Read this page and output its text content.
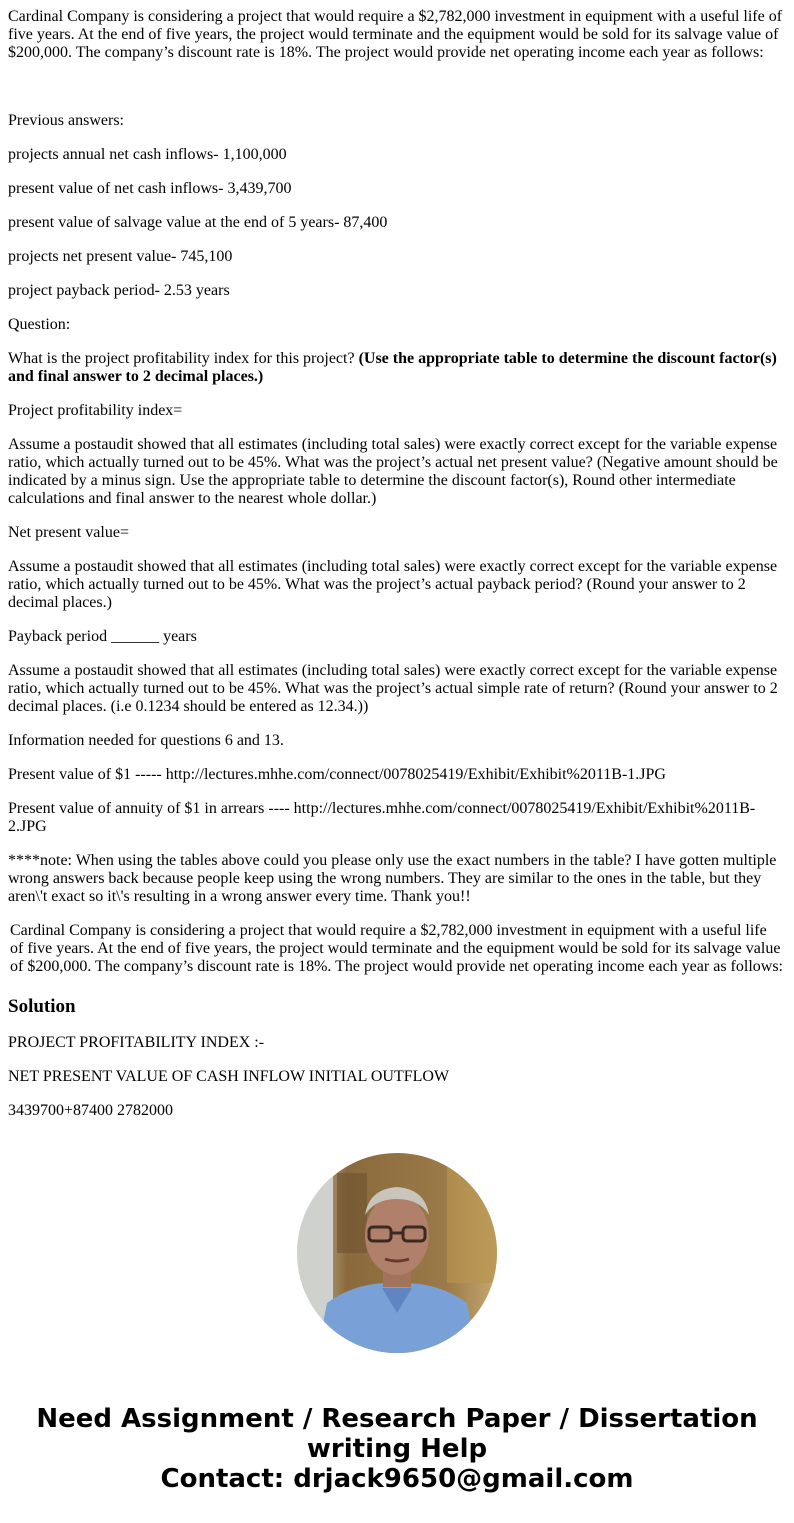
Cardinal Company is considering a project that would require a $2,782,000 investment in equipment with a useful life of five years. At the end of five years, the project would terminate and the equipment would be sold for its salvage value of $200,000. The company’s discount rate is 18%. The project would provide net operating income each year as follows:

Previous answers:

projects annual net cash inflows- 1,100,000

present value of net cash inflows- 3,439,700

present value of salvage value at the end of 5 years- 87,400

projects net present value- 745,100

project payback period- 2.53 years

Question:

What is the project profitability index for this project? (Use the appropriate table to determine the discount factor(s) and final answer to 2 decimal places.)

Project profitability index=

Assume a postaudit showed that all estimates (including total sales) were exactly correct except for the variable expense ratio, which actually turned out to be 45%. What was the project’s actual net present value? (Negative amount should be indicated by a minus sign. Use the appropriate table to determine the discount factor(s), Round other intermediate calculations and final answer to the nearest whole dollar.)

Net present value=

Assume a postaudit showed that all estimates (including total sales) were exactly correct except for the variable expense ratio, which actually turned out to be 45%. What was the project’s actual payback period? (Round your answer to 2 decimal places.)

Payback period ______ years

Assume a postaudit showed that all estimates (including total sales) were exactly correct except for the variable expense ratio, which actually turned out to be 45%. What was the project’s actual simple rate of return? (Round your answer to 2 decimal places. (i.e 0.1234 should be entered as 12.34.))

Information needed for questions 6 and 13.

Present value of $1 ----- http://lectures.mhhe.com/connect/0078025419/Exhibit/Exhibit%2011B-1.JPG

Present value of annuity of $1 in arrears ---- http://lectures.mhhe.com/connect/0078025419/Exhibit/Exhibit%2011B-2.JPG

****note: When using the tables above could you please only use the exact numbers in the table? I have gotten multiple wrong answers back because people keep using the wrong numbers. They are similar to the ones in the table, but they aren\'t exact so it\'s resulting in a wrong answer every time. Thank you!!

Cardinal Company is considering a project that would require a $2,782,000 investment in equipment with a useful life of five years. At the end of five years, the project would terminate and the equipment would be sold for its salvage value of $200,000. The company’s discount rate is 18%. The project would provide net operating income each year as follows:

Solution

PROJECT PROFITABILITY INDEX :-

NET PRESENT VALUE OF CASH INFLOW INITIAL OUTFLOW

3439700+87400 2782000

Need Assignment / Research Paper / Dissertation
writing Help
Contact: drjack9650@gmail.com
